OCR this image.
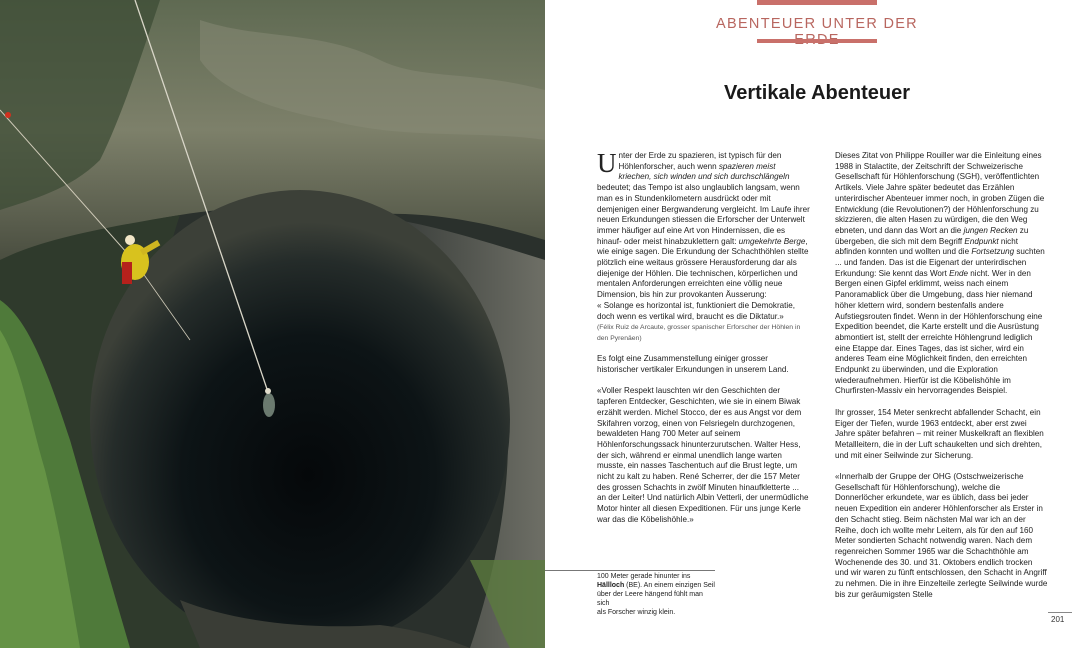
ABENTEUER UNTER DER
Vertikale Abenteuer

Unter der Erde zu spazieren, ist typisch für den Höhlenforscher, auch wenn spazieren meist kriechen, sich winden und sich durchschlängeln bedeutet; das Tempo ist also unglaublich langsam, wenn man es in Stundenkilometern ausdrückt oder mit demjenigen einer Bergwanderung vergleicht. Im Laufe ihrer neuen Erkundungen stiessen die Erforscher der Unterwelt immer häufiger auf eine Art von Hindernissen, die es hinauf- oder meist hinabzuklettern galt: umgekehrte Berge, wie einige sagen. Die Erkundung der Schachthöhlen stellte plötzlich eine weitaus grössere Herausforderung dar als diejenige der Höhlen. Die technischen, körperlichen und mentalen Anforderungen erreichten eine völlig neue Dimension, bis hin zur provokanten Äusserung:
« Solange es horizontal ist, funktioniert die Demokratie, doch wenn es vertikal wird, braucht es die Diktatur.»
(Félix Ruiz de Arcaute, grosser spanischer Erforscher der Höhlen in den Pyrenäen)

Es folgt eine Zusammenstellung einiger grosser historischer vertikaler Erkundungen in unserem Land.

«Voller Respekt lauschten wir den Geschichten der tapferen Entdecker, Geschichten, wie sie in einem Biwak erzählt werden. Michel Stocco, der es aus Angst vor dem Skifahren vorzog, einen von Felsriegeln durchzogenen, bewaldeten Hang 700 Meter auf seinem Höhlenforschungssack hinunterzurutschen. Walter Hess, der sich, während er einmal unendlich lange warten musste, ein nasses Taschentuch auf die Brust legte, um nicht zu kalt zu haben. René Scherrer, der die 157 Meter des grossen Schachts in zwölf Minuten hinaufkletterte ... an der Leiter! Und natürlich Albin Vetterli, der unermüdliche Motor hinter all diesen Expeditionen. Für uns junge Kerle war das die Köbelishöhle.»

Dieses Zitat von Philippe Rouiller war die Einleitung eines 1988 in Stalactite, der Zeitschrift der Schweizerische Gesellschaft für Höhlenforschung (SGH), veröffentlichten Artikels. Viele Jahre später bedeutet das Erzählen unterirdischer Abenteuer immer noch, in groben Zügen die Entwicklung (die Revolutionen?) der Höhlenforschung zu skizzieren, die alten Hasen zu würdigen, die den Weg ebneten, und dann das Wort an die jungen Recken zu übergeben, die sich mit dem Begriff Endpunkt nicht abfinden konnten und wollten und die Fortsetzung suchten ... und fanden. Das ist die Eigenart der unterirdischen Erkundung: Sie kennt das Wort Ende nicht. Wer in den Bergen einen Gipfel erklimmt, weiss nach einem Panoramablick über die Umgebung, dass hier niemand höher klettern wird, sondern bestenfalls andere Aufstiegsrouten findet. Wenn in der Höhlenforschung eine Expedition beendet, die Karte erstellt und die Ausrüstung abmontiert ist, stellt der erreichte Höhlengrund lediglich eine Etappe dar. Eines Tages, das ist sicher, wird ein anderes Team eine Möglichkeit finden, den erreichten Endpunkt zu überwinden, und die Exploration wiederaufnehmen. Hierfür ist die Köbelishöhle im Churfirsten-Massiv ein hervorragendes Beispiel.

Ihr grosser, 154 Meter senkrecht abfallender Schacht, ein Eiger der Tiefen, wurde 1963 entdeckt, aber erst zwei Jahre später befahren – mit reiner Muskelkraft an flexiblen Metallleitern, die in der Luft schaukelten und sich drehten, und mit einer Seilwinde zur Sicherung.

«Innerhalb der Gruppe der OHG (Ostschweizerische Gesellschaft für Höhlenforschung), welche die Donnerlöcher erkundete, war es üblich, dass bei jeder neuen Expedition ein anderer Höhlenforscher als Erster in den Schacht stieg. Beim nächsten Mal war ich an der Reihe, doch ich wollte mehr Leitern, als für den auf 160 Meter sondierten Schacht notwendig waren. Nach dem regenreichen Sommer 1965 war die Schachthöhle am Wochenende des 30. und 31. Oktobers endlich trocken und wir waren zu fünft entschlossen, den Schacht in Angriff zu nehmen. Die in ihre Einzelteile zerlegte Seilwinde wurde bis zur geräumigsten Stelle

100 Meter gerade hinunter ins
Hällloch (BE). An einem einzigen Seil
über der Leere hängend fühlt man sich
als Forscher winzig klein.
201
